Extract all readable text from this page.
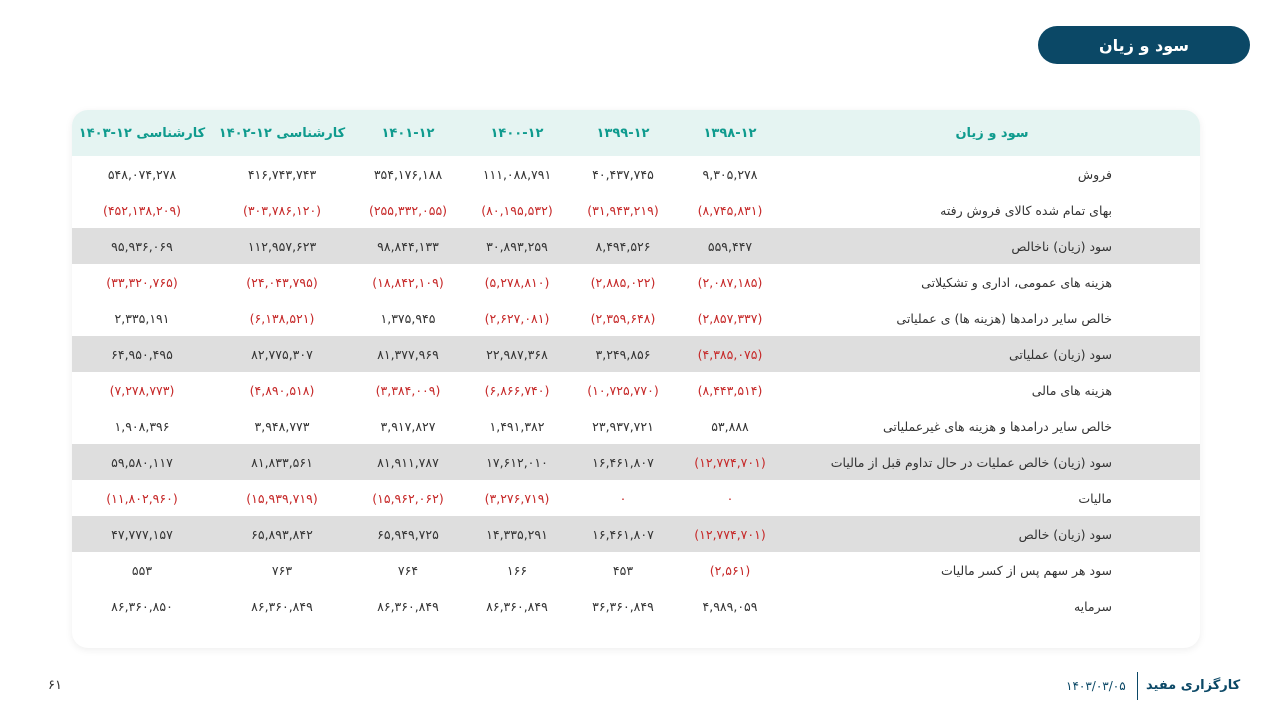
سود و زیان
کارشناسی ۱۲-۱۴۰۳	کارشناسی ۱۲-۱۴۰۲	۱۴۰۱-۱۲	۱۴۰۰-۱۲	۱۳۹۹-۱۲	۱۳۹۸-۱۲	سود و زیان
۵۴۸,۰۷۴,۲۷۸	۴۱۶,۷۴۳,۷۴۳	۳۵۴,۱۷۶,۱۸۸	۱۱۱,۰۸۸,۷۹۱	۴۰,۴۳۷,۷۴۵	۹,۳۰۵,۲۷۸	فروش
(۴۵۲,۱۳۸,۲۰۹)	(۳۰۳,۷۸۶,۱۲۰)	(۲۵۵,۳۳۲,۰۵۵)	(۸۰,۱۹۵,۵۳۲)	(۳۱,۹۴۳,۲۱۹)	(۸,۷۴۵,۸۳۱)	بهای تمام شده کالای فروش رفته
۹۵,۹۳۶,۰۶۹	۱۱۲,۹۵۷,۶۲۳	۹۸,۸۴۴,۱۳۳	۳۰,۸۹۳,۲۵۹	۸,۴۹۴,۵۲۶	۵۵۹,۴۴۷	سود (زیان) ناخالص
(۳۳,۳۲۰,۷۶۵)	(۲۴,۰۴۳,۷۹۵)	(۱۸,۸۴۲,۱۰۹)	(۵,۲۷۸,۸۱۰)	(۲,۸۸۵,۰۲۲)	(۲,۰۸۷,۱۸۵)	هزینه های عمومی، اداری و تشکیلاتی
۲,۳۳۵,۱۹۱	(۶,۱۳۸,۵۲۱)	۱,۳۷۵,۹۴۵	(۲,۶۲۷,۰۸۱)	(۲,۳۵۹,۶۴۸)	(۲,۸۵۷,۳۳۷)	خالص سایر درامدها (هزینه ها) ی عملیاتی
۶۴,۹۵۰,۴۹۵	۸۲,۷۷۵,۳۰۷	۸۱,۳۷۷,۹۶۹	۲۲,۹۸۷,۳۶۸	۳,۲۴۹,۸۵۶	(۴,۳۸۵,۰۷۵)	سود (زیان) عملیاتی
(۷,۲۷۸,۷۷۳)	(۴,۸۹۰,۵۱۸)	(۳,۳۸۴,۰۰۹)	(۶,۸۶۶,۷۴۰)	(۱۰,۷۲۵,۷۷۰)	(۸,۴۴۳,۵۱۴)	هزینه های مالی
۱,۹۰۸,۳۹۶	۳,۹۴۸,۷۷۳	۳,۹۱۷,۸۲۷	۱,۴۹۱,۳۸۲	۲۳,۹۳۷,۷۲۱	۵۳,۸۸۸	خالص سایر درامدها و هزینه های غیرعملیاتی
۵۹,۵۸۰,۱۱۷	۸۱,۸۳۳,۵۶۱	۸۱,۹۱۱,۷۸۷	۱۷,۶۱۲,۰۱۰	۱۶,۴۶۱,۸۰۷	(۱۲,۷۷۴,۷۰۱)	سود (زیان) خالص عملیات در حال تداوم قبل از مالیات
(۱۱,۸۰۲,۹۶۰)	(۱۵,۹۳۹,۷۱۹)	(۱۵,۹۶۲,۰۶۲)	(۳,۲۷۶,۷۱۹)	۰	۰	مالیات
۴۷,۷۷۷,۱۵۷	۶۵,۸۹۳,۸۴۲	۶۵,۹۴۹,۷۲۵	۱۴,۳۳۵,۲۹۱	۱۶,۴۶۱,۸۰۷	(۱۲,۷۷۴,۷۰۱)	سود (زیان) خالص
۵۵۳	۷۶۳	۷۶۴	۱۶۶	۴۵۳	(۲,۵۶۱)	سود هر سهم پس از کسر مالیات
۸۶,۳۶۰,۸۵۰	۸۶,۳۶۰,۸۴۹	۸۶,۳۶۰,۸۴۹	۸۶,۳۶۰,۸۴۹	۳۶,۳۶۰,۸۴۹	۴,۹۸۹,۰۵۹	سرمایه
۶۱	۱۴۰۳/۰۳/۰۵ کارگزاری مفید
